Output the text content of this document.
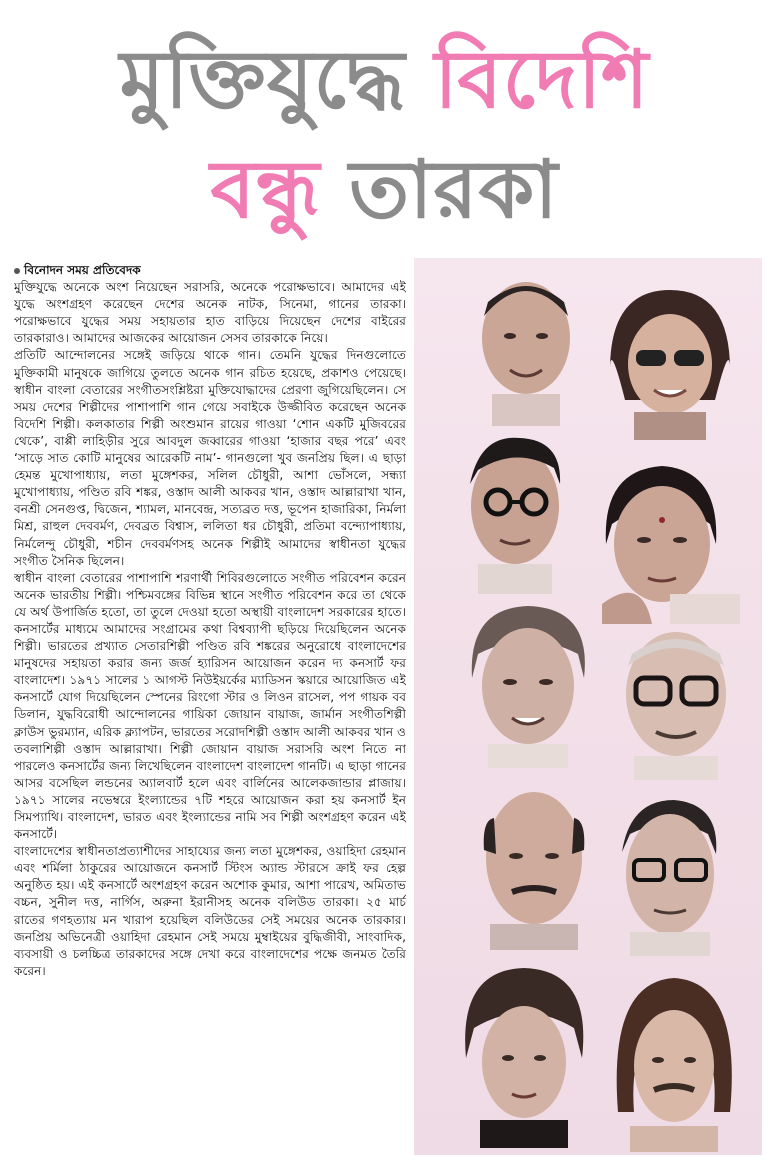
মুক্তিযুদ্ধে বিদেশি
বন্ধু তারকা
বিনোদন সময় প্রতিবেদক

মুক্তিযুদ্ধে অনেকে অংশ নিয়েছেন সরাসরি, অনেকে পরোক্ষভাবে। আমাদের এই যুদ্ধে অংশগ্রহণ করেছেন দেশের অনেক নাটক, সিনেমা, গানের তারকা। পরোক্ষভাবে যুদ্ধের সময় সহায়তার হাত বাড়িয়ে দিয়েছেন দেশের বাইরের তারকারাও। আমাদের আজকের আয়োজন সেসব তারকাকে নিয়ে।

প্রতিটি আন্দোলনের সঙ্গেই জড়িয়ে থাকে গান। তেমনি যুদ্ধের দিনগুলোতে মুক্তিকামী মানুষকে জাগিয়ে তুলতে অনেক গান রচিত হয়েছে, প্রকাশও পেয়েছে। স্বাধীন বাংলা বেতারের সংগীতসংশ্লিষ্টরা মুক্তিযোদ্ধাদের প্রেরণা জুগিয়েছিলেন। সে সময় দেশের শিল্পীদের পাশাপাশি গান গেয়ে সবাইকে উজ্জীবিত করেছেন অনেক বিদেশি শিল্পী। কলকাতার শিল্পী অংশুমান রায়ের গাওয়া ‘শোন একটি মুজিবরের থেকে’, বাপ্পী লাহিড়ীর সুরে আবদুল জব্বারের গাওয়া ‘হাজার বছর পরে’ এবং ‘সাড়ে সাত কোটি মানুষের আরেকটি নাম’- গানগুলো খুব জনপ্রিয় ছিল। এ ছাড়া হেমন্ত মুখোপাধ্যায়, লতা মুঙ্গেশকর, সলিল চৌধুরী, আশা ভোঁসলে, সন্ধ্যা মুখোপাধ্যায়, পণ্ডিত রবি শঙ্কর, ওস্তাদ আলী আকবর খান, ওস্তাদ আল্লারাখা খান, বনশ্রী সেনগুপ্ত, দ্বিজেন, শ্যামল, মানবেন্দ্র, সত্যব্রত দত্ত, ভূপেন হাজারিকা, নির্মলা মিশ্র, রাহুল দেববর্মণ, দেবব্রত বিশ্বাস, ললিতা ধর চৌধুরী, প্রতিমা বন্দ্যোপাধ্যায়, নির্মলেন্দু চৌধুরী, শচীন দেববর্মণসহ অনেক শিল্পীই আমাদের স্বাধীনতা যুদ্ধের সংগীত সৈনিক ছিলেন।

স্বাধীন বাংলা বেতারের পাশাপাশি শরণার্থী শিবিরগুলোতে সংগীত পরিবেশন করেন অনেক ভারতীয় শিল্পী। পশ্চিমবঙ্গের বিভিন্ন স্থানে সংগীত পরিবেশন করে তা থেকে যে অর্থ উপার্জিত হতো, তা তুলে দেওয়া হতো অস্থায়ী বাংলাদেশ সরকারের হাতে। কনসার্টের মাধ্যমে আমাদের সংগ্রামের কথা বিশ্বব্যাপী ছড়িয়ে দিয়েছিলেন অনেক শিল্পী। ভারতের প্রখ্যাত সেতারশিল্পী পণ্ডিত রবি শঙ্করের অনুরোধে বাংলাদেশের মানুষদের সহায়তা করার জন্য জর্জ হ্যারিসন আয়োজন করেন দ্য কনসার্ট ফর বাংলাদেশ। ১৯৭১ সালের ১ আগস্ট নিউইয়র্কের ম্যাডিসন স্কয়ারে আয়োজিত এই কনসার্টে যোগ দিয়েছিলেন স্পেনের রিংগো স্টার ও লিওন রাসেল, পপ গায়ক বব ডিলান, যুদ্ধবিরোধী আন্দোলনের গায়িকা জোয়ান বায়াজ, জার্মান সংগীতশিল্পী ক্লাউস ভুরম্যান, এরিক ক্ল্যাপটন, ভারতের সরোদশিল্পী ওস্তাদ আলী আকবর খান ও তবলাশিল্পী ওস্তাদ আল্লারাখা। শিল্পী জোয়ান বায়াজ সরাসরি অংশ নিতে না পারলেও কনসার্টের জন্য লিখেছিলেন বাংলাদেশ বাংলাদেশ গানটি। এ ছাড়া গানের আসর বসেছিল লন্ডনের অ্যালবার্ট হলে এবং বার্লিনের আলেকজান্ডার প্লাজায়। ১৯৭১ সালের নভেম্বরে ইংল্যান্ডের ৭টি শহরে আয়োজন করা হয় কনসার্ট ইন সিমপ্যাথি। বাংলাদেশ, ভারত এবং ইংল্যান্ডের নামি সব শিল্পী অংশগ্রহণ করেন এই কনসার্টে।

বাংলাদেশের স্বাধীনতাপ্রত্যাশীদের সাহায্যের জন্য লতা মুঙ্গেশকর, ওয়াহিদা রেহমান এবং শর্মিলা ঠাকুরের আয়োজনে কনসার্ট স্টিংস অ্যান্ড স্টারসে ক্রাই ফর হেল্প অনুষ্ঠিত হয়। এই কনসার্টে অংশগ্রহণ করেন অশোক কুমার, আশা পারেখ, অমিতাভ বচ্চন, সুনীল দত্ত, নার্গিস, অরুনা ইরানীসহ অনেক বলিউড তারকা। ২৫ মার্চ রাতের গণহত্যায় মন খারাপ হয়েছিল বলিউডের সেই সময়ের অনেক তারকার। জনপ্রিয় অভিনেত্রী ওয়াহিদা রেহমান সেই সময়ে মুম্বাইয়ের বুদ্ধিজীবী, সাংবাদিক, ব্যবসায়ী ও চলচ্চিত্র তারকাদের সঙ্গে দেখা করে বাংলাদেশের পক্ষে জনমত তৈরি করেন।
